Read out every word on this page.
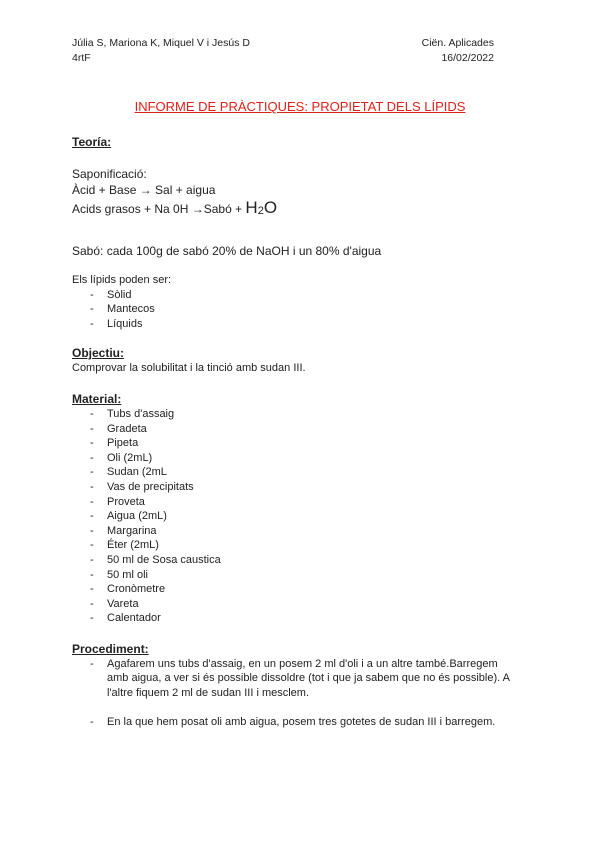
Júlia S, Mariona K, Miquel V i Jesús D
4rtF
Ciën. Aplicades
16/02/2022
INFORME DE PRÀCTIQUES: PROPIETAT DELS LÍPIDS
Teoría:
Saponificació:
Àcid + Base → Sal + aigua
Acids grasos + Na 0H →Sabó + H2O
Sabó: cada 100g de sabó 20% de NaOH i un 80% d'aigua
Els lípids poden ser:
- Sòlid
- Mantecos
- Líquids
Objectiu:
Comprovar la solubilitat i la tinció amb sudan III.
Material:
- Tubs d'assaig
- Gradeta
- Pipeta
- Oli (2mL)
- Sudan (2mL
- Vas de precipitats
- Proveta
- Aigua (2mL)
- Margarina
- Éter (2mL)
- 50 ml de Sosa caustica
- 50 ml oli
- Cronòmetre
- Vareta
- Calentador
Procediment:
- Agafarem uns tubs d'assaig, en un posem 2 ml d'oli i a un altre també.Barregem amb aigua, a ver si és possible dissoldre (tot i que ja sabem que no és possible). A l'altre fiquem 2 ml de sudan III i mesclem.
- En la que hem posat oli amb aigua, posem tres gotetes de sudan III i barregem.
